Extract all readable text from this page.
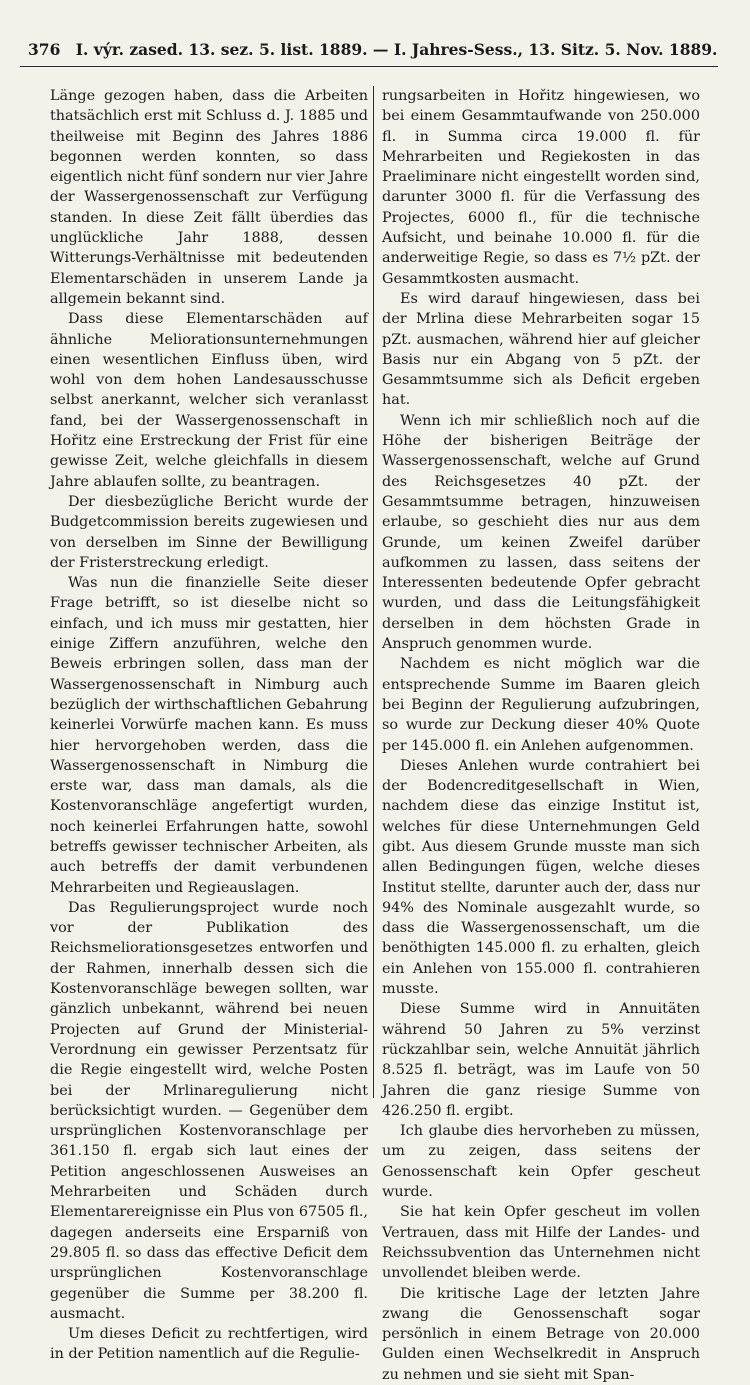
376 I. výr. zased. 13. sez. 5. list. 1889. — I. Jahres-Sess., 13. Sitz. 5. Nov. 1889.

Länge gezogen haben, dass die Arbeiten thatsächlich erst mit Schluss d. J. 1885 und theilweise mit Beginn des Jahres 1886 begonnen werden konnten, so dass eigentlich nicht fünf sondern nur vier Jahre der Wassergenossenschaft zur Verfügung standen. In diese Zeit fällt überdies das unglückliche Jahr 1888, dessen Witterungs-Verhältnisse mit bedeutenden Elementarschäden in unserem Lande ja allgemein bekannt sind.

Dass diese Elementarschäden auf ähnliche Meliorationsunternehmungen einen wesentlichen Einfluss üben, wird wohl von dem hohen Landesausschusse selbst anerkannt, welcher sich veranlasst fand, bei der Wassergenossenschaft in Hořitz eine Erstreckung der Frist für eine gewisse Zeit, welche gleichfalls in diesem Jahre ablaufen sollte, zu beantragen.

Der diesbezügliche Bericht wurde der Budgetcommission bereits zugewiesen und von derselben im Sinne der Bewilligung der Fristerstreckung erledigt.

Was nun die finanzielle Seite dieser Frage betrifft, so ist dieselbe nicht so einfach, und ich muss mir gestatten, hier einige Ziffern anzuführen, welche den Beweis erbringen sollen, dass man der Wassergenossenschaft in Nimburg auch bezüglich der wirthschaftlichen Gebahrung keinerlei Vorwürfe machen kann. Es muss hier hervorgehoben werden, dass die Wassergenossenschaft in Nimburg die erste war, dass man damals, als die Kostenvoranschläge angefertigt wurden, noch keinerlei Erfahrungen hatte, sowohl betreffs gewisser technischer Arbeiten, als auch betreffs der damit verbundenen Mehrarbeiten und Regieauslagen.

Das Regulierungsproject wurde noch vor der Publikation des Reichsmeliorationsgesetzes entworfen und der Rahmen, innerhalb dessen sich die Kostenvoranschläge bewegen sollten, war gänzlich unbekannt, während bei neuen Projecten auf Grund der Ministerial-Verordnung ein gewisser Perzentsatz für die Regie eingestellt wird, welche Posten bei der Mrlinaregulierung nicht berücksichtigt wurden. — Gegenüber dem ursprünglichen Kostenvoranschlage per 361.150 fl. ergab sich laut eines der Petition angeschlossenen Ausweises an Mehrarbeiten und Schäden durch Elementarereignisse ein Plus von 67505 fl., dagegen anderseits eine Ersparniß von 29.805 fl. so dass das effective Deficit dem ursprünglichen Kostenvoranschlage gegenüber die Summe per 38.200 fl. ausmacht.

Um dieses Deficit zu rechtfertigen, wird in der Petition namentlich auf die Regulie-

rungsarbeiten in Hořitz hingewiesen, wo bei einem Gesammtaufwande von 250.000 fl. in Summa circa 19.000 fl. für Mehrarbeiten und Regiekosten in das Praeliminare nicht eingestellt worden sind, darunter 3000 fl. für die Verfassung des Projectes, 6000 fl., für die technische Aufsicht, und beinahe 10.000 fl. für die anderweitige Regie, so dass es 7½ pZt. der Gesammtkosten ausmacht.

Es wird darauf hingewiesen, dass bei der Mrlina diese Mehrarbeiten sogar 15 pZt. ausmachen, während hier auf gleicher Basis nur ein Abgang von 5 pZt. der Gesammtsumme sich als Deficit ergeben hat.

Wenn ich mir schließlich noch auf die Höhe der bisherigen Beiträge der Wassergenossenschaft, welche auf Grund des Reichsgesetzes 40 pZt. der Gesammtsumme betragen, hinzuweisen erlaube, so geschieht dies nur aus dem Grunde, um keinen Zweifel darüber aufkommen zu lassen, dass seitens der Interessenten bedeutende Opfer gebracht wurden, und dass die Leitungsfähigkeit derselben in dem höchsten Grade in Anspruch genommen wurde.

Nachdem es nicht möglich war die entsprechende Summe im Baaren gleich bei Beginn der Regulierung aufzubringen, so wurde zur Deckung dieser 40% Quote per 145.000 fl. ein Anlehen aufgenommen.

Dieses Anlehen wurde contrahiert bei der Bodencreditgesellschaft in Wien, nachdem diese das einzige Institut ist, welches für diese Unternehmungen Geld gibt. Aus diesem Grunde musste man sich allen Bedingungen fügen, welche dieses Institut stellte, darunter auch der, dass nur 94% des Nominale ausgezahlt wurde, so dass die Wassergenossenschaft, um die benöthigten 145.000 fl. zu erhalten, gleich ein Anlehen von 155.000 fl. contrahieren musste.

Diese Summe wird in Annuitäten während 50 Jahren zu 5% verzinst rückzahlbar sein, welche Annuität jährlich 8.525 fl. beträgt, was im Laufe von 50 Jahren die ganz riesige Summe von 426.250 fl. ergibt.

Ich glaube dies hervorheben zu müssen, um zu zeigen, dass seitens der Genossenschaft kein Opfer gescheut wurde.

Sie hat kein Opfer gescheut im vollen Vertrauen, dass mit Hilfe der Landes- und Reichssubvention das Unternehmen nicht unvollendet bleiben werde.

Die kritische Lage der letzten Jahre zwang die Genossenschaft sogar persönlich in einem Betrage von 20.000 Gulden einen Wechselkredit in Anspruch zu nehmen und sie sieht mit Span-
